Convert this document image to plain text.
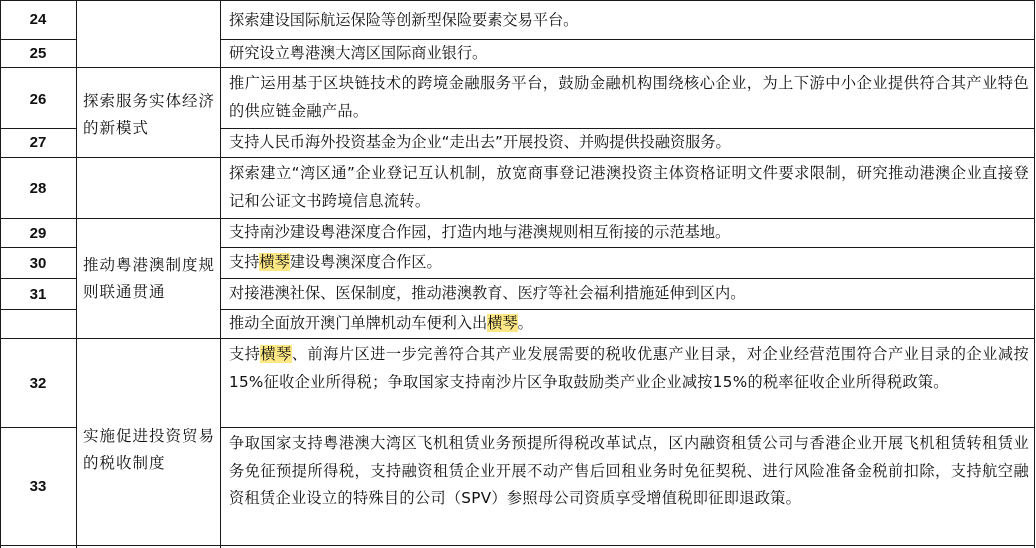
24
25
26
27
28
29
30
31
32
33
探索服务实体经济的新模式
推动粤港澳制度规则联通贯通
实施促进投资贸易的税收制度
探索建设国际航运保险等创新型保险要素交易平台。
研究设立粤港澳大湾区国际商业银行。
推广运用基于区块链技术的跨境金融服务平台，鼓励金融机构围绕核心企业，为上下游中小企业提供符合其产业特色的供应链金融产品。
支持人民币海外投资基金为企业“走出去”开展投资、并购提供投融资服务。
探索建立“湾区通”企业登记互认机制，放宽商事登记港澳投资主体资格证明文件要求限制，研究推动港澳企业直接登记和公证文书跨境信息流转。
支持南沙建设粤港深度合作园，打造内地与港澳规则相互衔接的示范基地。
支持横琴建设粤澳深度合作区。
对接港澳社保、医保制度，推动港澳教育、医疗等社会福利措施延伸到区内。
推动全面放开澳门单牌机动车便利入出横琴。
支持横琴、前海片区进一步完善符合其产业发展需要的税收优惠产业目录，对企业经营范围符合产业目录的企业减按15%征收企业所得税；争取国家支持南沙片区争取鼓励类产业企业减按15%的税率征收企业所得税政策。
争取国家支持粤港澳大湾区飞机租赁业务预提所得税改革试点，区内融资租赁公司与香港企业开展飞机租赁转租赁业务免征预提所得税，支持融资租赁企业开展不动产售后回租业务时免征契税、进行风险准备金税前扣除，支持航空融资租赁企业设立的特殊目的公司（SPV）参照母公司资质享受增值税即征即退政策。
